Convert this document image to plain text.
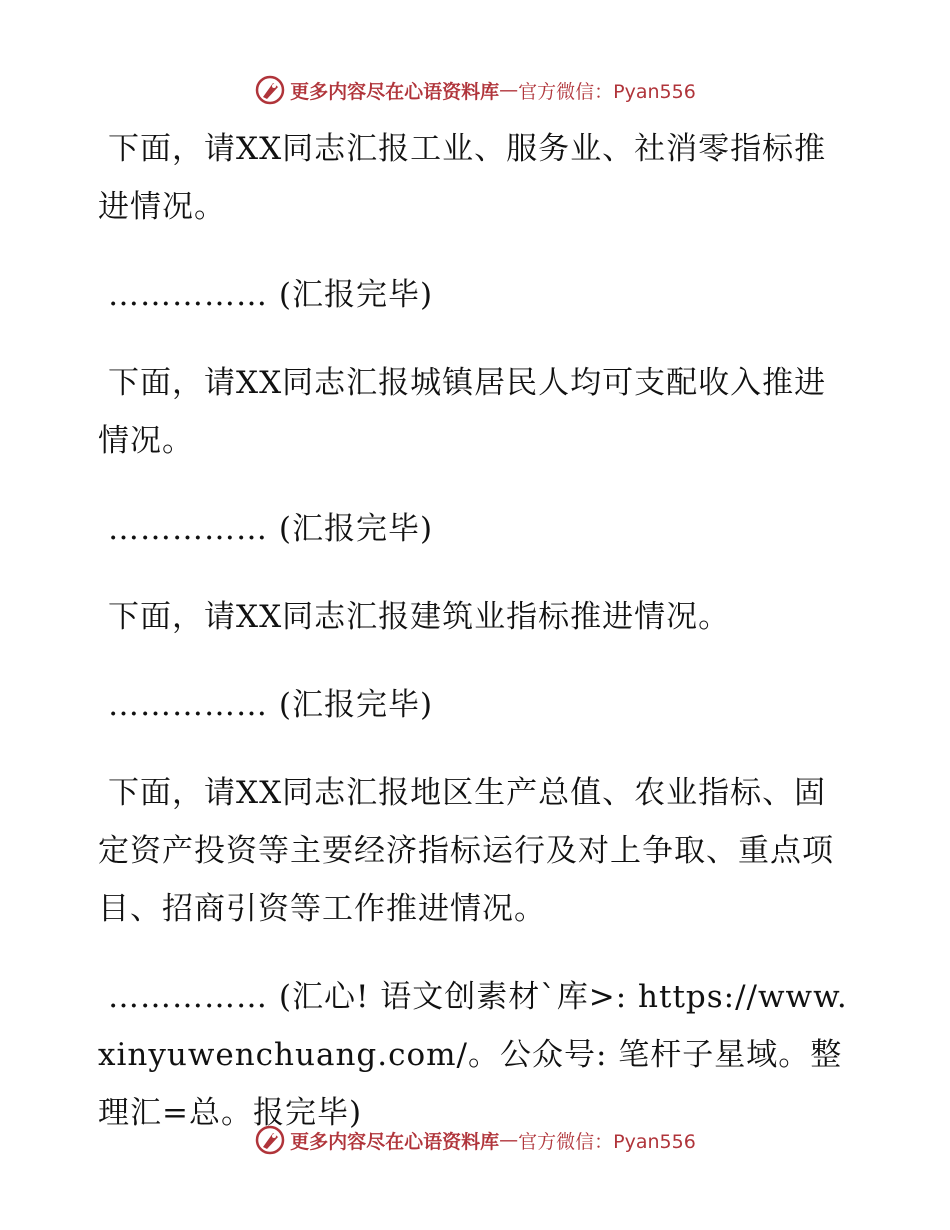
更多内容尽在心语资料库 — 官方微信：Pyan556

下面，请XX同志汇报工业、服务业、社消零指标推进情况。

…………… (汇报完毕)

下面，请XX同志汇报城镇居民人均可支配收入推进情况。

…………… (汇报完毕)

下面，请XX同志汇报建筑业指标推进情况。

…………… (汇报完毕)

下面，请XX同志汇报地区生产总值、农业指标、固定资产投资等主要经济指标运行及对上争取、重点项目、招商引资等工作推进情况。

…………… (汇心! 语文创素材`库>: https://www.xinyuwenchuang.com/。公众号: 笔杆子星域。整理汇=总。报完毕)

更多内容尽在心语资料库 — 官方微信：Pyan556
